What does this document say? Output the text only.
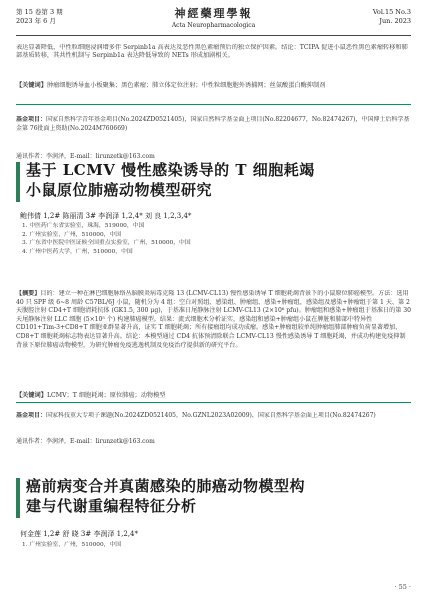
第 15 卷第 3 期
2023 年 6 月
神經藥理學報
Acta Neuropharmacologica
Vol.15 No.3
Jun. 2023
表达显著降低，中性粒细胞浸润增多伴 Serpinb1a 高表达及恶性黑色素瘤预后的独立保护因素。结论：TCIPA 促进小鼠恶性黑色素瘤转移和肺部基质转移，其共性机制与 Serpinb1a 表达降低导致的 NETs 形成加剧相关。
【关键词】肿瘤细胞诱导血小板聚集；黑色素瘤；肺立体定位注射；中性粒细胞胞外诱捕网；丝氨酸蛋白酶抑制剂
基金项目：国家自然科学青年基金项目(No.2024ZD0521405)，国家自然科学基金面上项目(No.82204677，No.82474267)，中国博士后科学基金第 76批面上资助(No.2024M760669)
通讯作者：李润泽，E-mail：lirunzetk@163.com
基于 LCMV 慢性感染诱导的 T 细胞耗竭
小鼠原位肺癌动物模型研究
鲍伟倩 1,2# 陈丽清 3# 李润泽 1,2,4* 刘 良 1,2,3,4*
1. 中医药广东省实验室，珠海，519000，中国
2. 广州实验室，广州，510000，中国
3. 广东省中医院中医证候全国重点实验室，广州，510000，中国
4. 广州中医药大学，广州，510000，中国
【摘要】目的：建立一种在淋巴细胞脉络丛脑膜炎病毒克隆 13 (LCMV-CL13) 慢性感染诱导 T 细胞耗竭背景下的小鼠原位肺癌模型。方法：选用 40 只 SPF 级 6~8 周龄 C57BL/6J 小鼠，随机分为 4 组：空白对照组、感染组、肿瘤组、感染+肿瘤组，感染组及感染+肿瘤组于第 1 天、第 2 天腹腔注射 CD4+T 细胞清耗抗体 (GK1.5, 300 μg)，于基准日尾静脉注射 LCMV-CL13 (2×10⁶ pfu)。肿瘤组和感染+肿瘤组于基准日的第 30 天尾静脉注射 LLC 细胞 (5×10⁵ 个) 构建肺癌模型。结果：流式细胞术分析证实，感染组和感染+肿瘤组小鼠在脾脏和肺部中特异性 CD101+Tim-3+CD8+T 细胞亚群显著升高，证实 T 细胞耗竭；所有接瘤组均成功成瘤。感染+肿瘤组较单纯肿瘤组肺部肿瘤负荷显著增加，CD8+T 细胞耗竭标志物表达显著升高。结论：本模型通过 CD4 抗体预清除联合 LCMV-CL13 慢性感染诱导 T 细胞耗竭，并成功构建免疫抑制背景下原位肺癌动物模型，为研究肿瘤免疫逃逸机制及免疫治疗提供新的研究平台。
【关键词】LCMV；T 细胞耗竭；原位肺癌；动物模型
基金项目：国家科技重大专项子课题(No.2024ZD0521405，No.GZNL2023A02009)，国家自然科学基金面上项目(No.82474267)
通讯作者：李润泽，E-mail：lirunzetk@163.com
癌前病变合并真菌感染的肺癌动物模型构
建与代谢重编程特征分析
何金莲 1,2# 舒 晓 3# 李润泽 1,2,4*
1. 广州实验室，广州，510000，中国
· 55 ·
